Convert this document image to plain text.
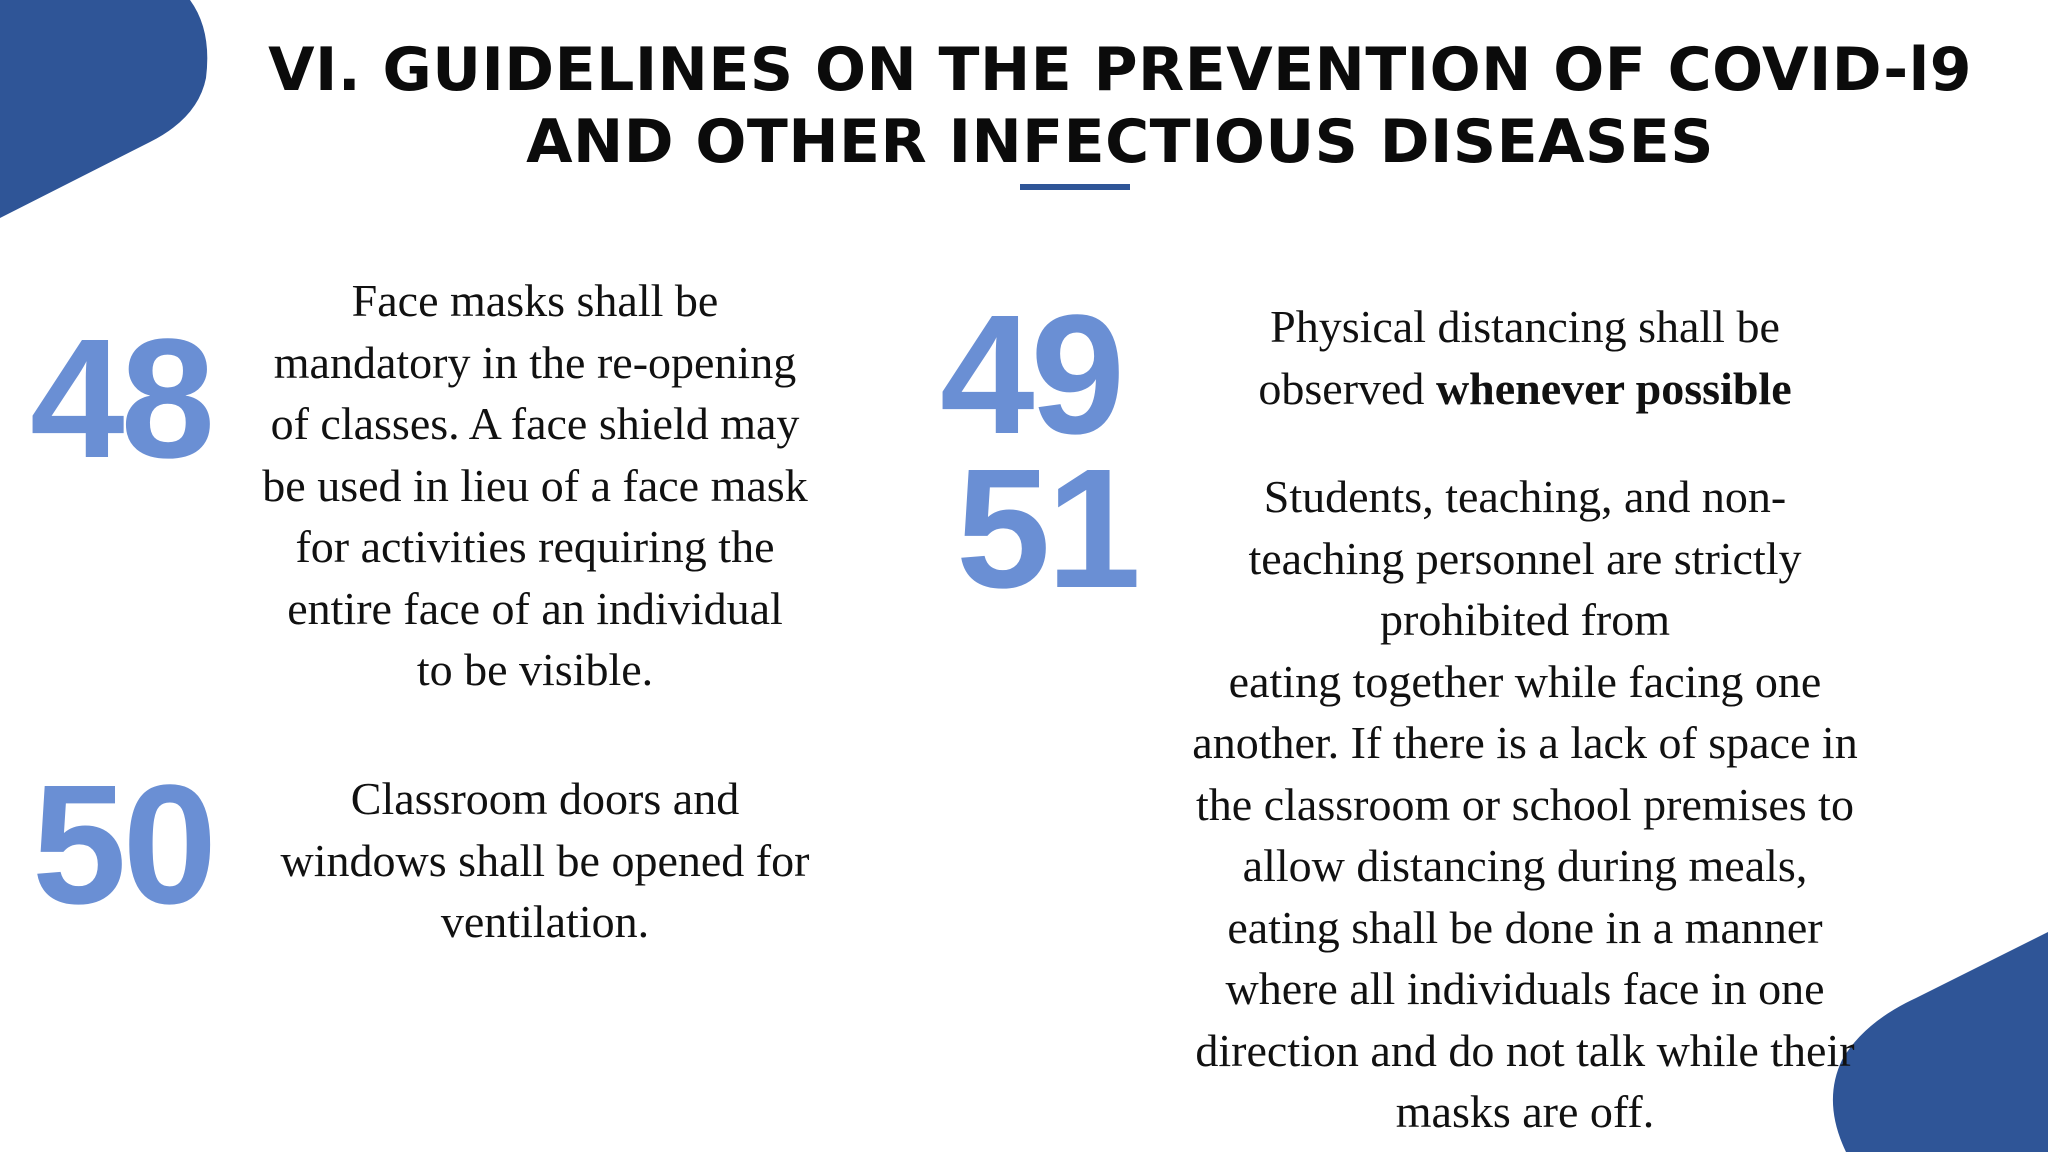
VI. GUIDELINES ON THE PREVENTION OF COVID-l9
AND OTHER INFECTIOUS DISEASES
48

Face masks shall be
mandatory in the re-opening
of classes. A face shield may
be used in lieu of a face mask
for activities requiring the
entire face of an individual
to be visible.

49	Physical distancing shall be
observed whenever possible

50	Classroom doors and
windows shall be opened for
ventilation.

51	Students, teaching, and non-
teaching personnel are strictly
prohibited from
eating together while facing one
another. If there is a lack of space in
the classroom or school premises to
allow distancing during meals,
eating shall be done in a manner
where all individuals face in one
direction and do not talk while their
masks are off.
